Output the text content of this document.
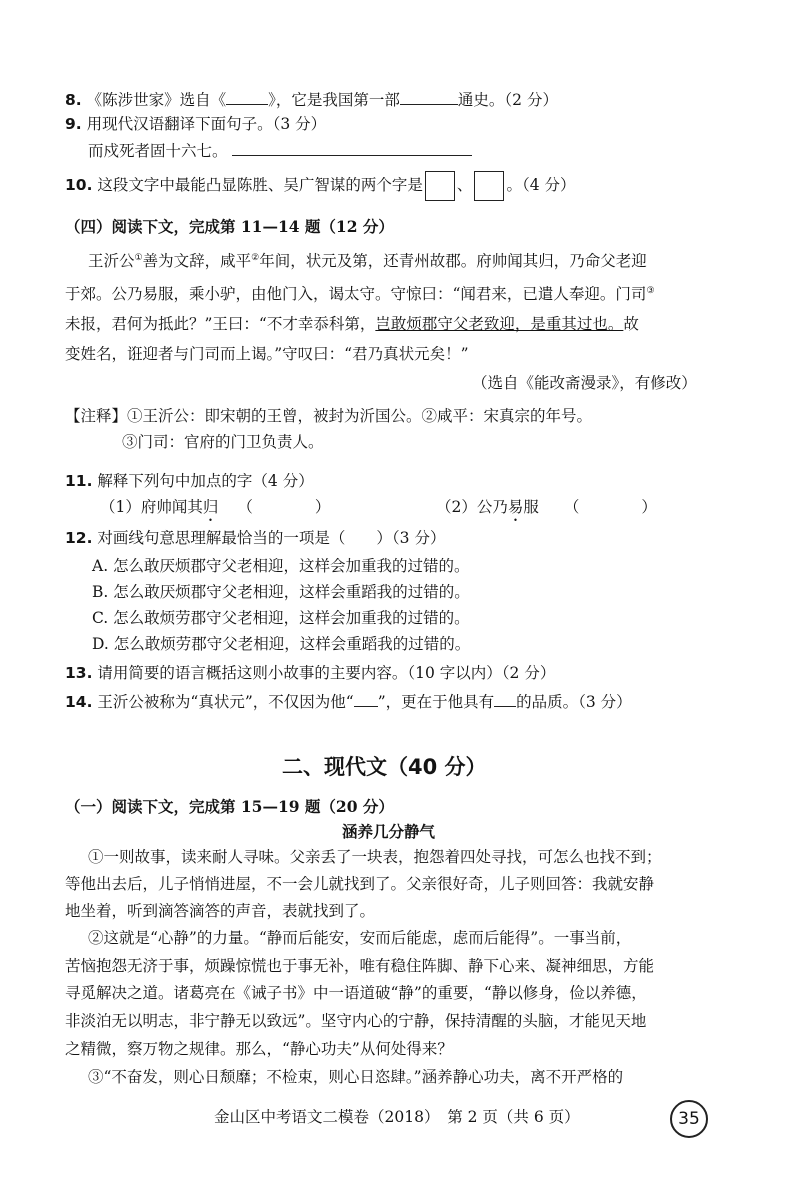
8. 《陈涉世家》选自《	》，它是我国第一部	通史。（2 分）
9. 用现代汉语翻译下面句子。（3 分）
而戍死者固十六七。
10. 这段文字中最能凸显陈胜、吴广智谋的两个字是 、 。（4 分）
（四）阅读下文，完成第 11—14 题（12 分）
王沂公①善为文辞，咸平②年间，状元及第，还青州故郡。府帅闻其归，乃命父老迎
于郊。公乃易服，乘小驴，由他门入，谒太守。守惊曰：“闻君来，已遣人奉迎。门司③
未报，君何为抵此？”王曰：“不才幸忝科第，岂敢烦郡守父老致迎，是重其过也。故
变姓名，诳迎者与门司而上谒。”守叹曰：“君乃真状元矣！”
（选自《能改斋漫录》，有修改）
【注释】①王沂公：即宋朝的王曾，被封为沂国公。②咸平：宋真宗的年号。
③门司：官府的门卫负责人。
11. 解释下列句中加点的字（4 分）
（1）府帅闻其归 （　　　　）	（2）公乃易服 （　　　　）
12. 对画线句意思理解最恰当的一项是（　　）（3 分）
A. 怎么敢厌烦郡守父老相迎，这样会加重我的过错的。
B. 怎么敢厌烦郡守父老相迎，这样会重蹈我的过错的。
C. 怎么敢烦劳郡守父老相迎，这样会加重我的过错的。
D. 怎么敢烦劳郡守父老相迎，这样会重蹈我的过错的。
13. 请用简要的语言概括这则小故事的主要内容。（10 字以内）（2 分）
14. 王沂公被称为“真状元”，不仅因为他“ ”，更在于他具有 的品质。（3 分）
二、现代文（40 分）
（一）阅读下文，完成第 15—19 题（20 分）
涵养几分静气
①一则故事，读来耐人寻味。父亲丢了一块表，抱怨着四处寻找，可怎么也找不到；
等他出去后，儿子悄悄进屋，不一会儿就找到了。父亲很好奇，儿子则回答：我就安静
地坐着，听到滴答滴答的声音，表就找到了。
②这就是“心静”的力量。“静而后能安，安而后能虑，虑而后能得”。一事当前，
苦恼抱怨无济于事，烦躁惊慌也于事无补，唯有稳住阵脚、静下心来、凝神细思，方能
寻觅解决之道。诸葛亮在《诫子书》中一语道破“静”的重要，“静以修身，俭以养德，
非淡泊无以明志，非宁静无以致远”。坚守内心的宁静，保持清醒的头脑，才能见天地
之精微，察万物之规律。那么，“静心功夫”从何处得来？
③“不奋发，则心日颓靡；不检束，则心日恣肆。”涵养静心功夫，离不开严格的
金山区中考语文二模卷（2018）　第 2 页（共 6 页）	35
